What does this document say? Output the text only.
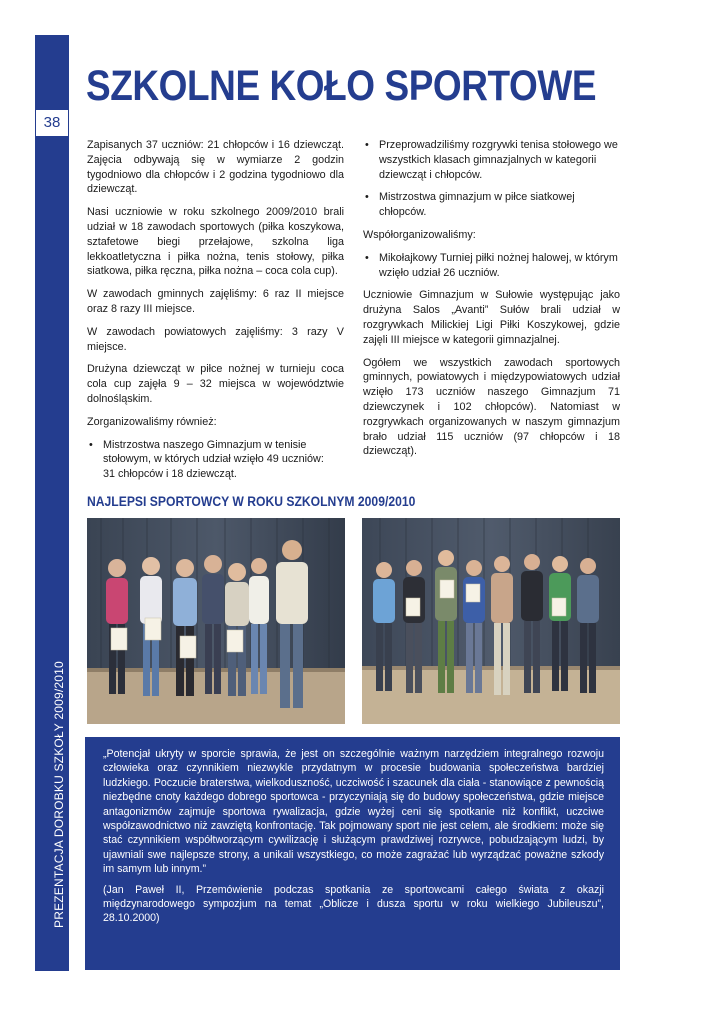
38
PREZENTACJA DOROBKU SZKOŁY 2009/2010
SZKOLNE KOŁO SPORTOWE

Zapisanych 37 uczniów: 21 chłopców i 16 dziewcząt. Zajęcia odbywają się w wymiarze 2 godzin tygodniowo dla chłopców i 2 godzina tygodniowo dla dziewcząt.

Nasi uczniowie w roku szkolnego 2009/2010 brali udział w 18 zawodach sportowych (piłka koszykowa, sztafetowe biegi przełajowe, szkolna liga lekkoatletyczna i piłka nożna, tenis stołowy, piłka siatkowa, piłka ręczna, piłka nożna – coca cola cup).

W zawodach gminnych zajęliśmy: 6 raz II miejsce oraz 8 razy III miejsce.

W zawodach powiatowych zajęliśmy: 3 razy V miejsce.

Drużyna dziewcząt w piłce nożnej w turnieju coca cola cup zajęła 9 – 32 miejsca w województwie dolnośląskim.

Zorganizowaliśmy również:

• Mistrzostwa naszego Gimnazjum w tenisie stołowym, w których udział wzięło 49 uczniów:
31 chłopców i 18 dziewcząt.
• Przeprowadziliśmy rozgrywki tenisa stołowego we wszystkich klasach gimnazjalnych w kategorii dziewcząt i chłopców.
• Mistrzostwa gimnazjum w piłce siatkowej chłopców.

Współorganizowaliśmy:

• Mikołajkowy Turniej piłki nożnej halowej, w którym wzięło udział 26 uczniów.

Uczniowie Gimnazjum w Sułowie występując jako drużyna Salos „Avanti” Sułów brali udział w rozgrywkach Milickiej Ligi Piłki Koszykowej, gdzie zajęli III miejsce w kategorii gimnazjalnej.

Ogółem we wszystkich zawodach sportowych gminnych, powiatowych i międzypowiatowych udział wzięło 173 uczniów naszego Gimnazjum 71 dziewczynek i 102 chłopców). Natomiast w rozgrywkach organizowanych w naszym gimnazjum brało udział 115 uczniów (97 chłopców i 18 dziewcząt).

NAJLEPSI SPORTOWCY W ROKU SZKOLNYM 2009/2010

„Potencjał ukryty w sporcie sprawia, że jest on szczególnie ważnym narzędziem integralnego rozwoju człowieka oraz czynnikiem niezwykle przydatnym w procesie budowania społeczeństwa bardziej ludzkiego. Poczucie braterstwa, wielkoduszność, uczciwość i szacunek dla ciała - stanowiące z pewnością niezbędne cnoty każdego dobrego sportowca - przyczyniają się do budowy społeczeństwa, gdzie miejsce antagonizmów zajmuje sportowa rywalizacja, gdzie wyżej ceni się spotkanie niż konflikt, uczciwe współzawodnictwo niż zawziętą konfrontację. Tak pojmowany sport nie jest celem, ale środkiem: może się stać czynnikiem współtworzącym cywilizację i służącym prawdziwej rozrywce, pobudzającym ludzi, by ujawniali swe najlepsze strony, a unikali wszystkiego, co może zagrażać lub wyrządzać poważne szkody im samym lub innym.”

(Jan Paweł II, Przemówienie podczas spotkania ze sportowcami całego świata z okazji międzynarodowego sympozjum na temat „Oblicze i dusza sportu w roku wielkiego Jubileuszu”, 28.10.2000)
